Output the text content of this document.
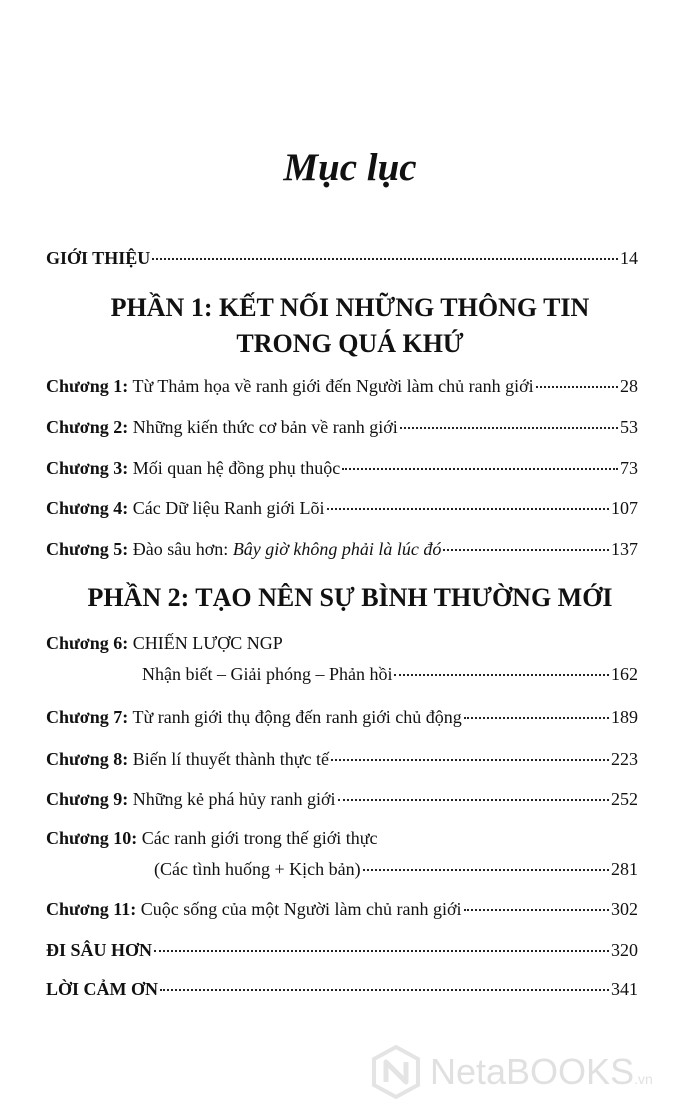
Mục lục
GIỚI THIỆU	14
PHẦN 1: KẾT NỐI NHỮNG THÔNG TIN
TRONG QUÁ KHỨ
Chương 1: Từ Thảm họa về ranh giới đến Người làm chủ ranh giới	28
Chương 2: Những kiến thức cơ bản về ranh giới	53
Chương 3: Mối quan hệ đồng phụ thuộc	73
Chương 4: Các Dữ liệu Ranh giới Lõi	107
Chương 5: Đào sâu hơn: Bây giờ không phải là lúc đó	137
PHẦN 2: TẠO NÊN SỰ BÌNH THƯỜNG MỚI
Chương 6: CHIẾN LƯỢC NGP
Nhận biết – Giải phóng – Phản hồi	162
Chương 7: Từ ranh giới thụ động đến ranh giới chủ động	189
Chương 8: Biến lí thuyết thành thực tế	223
Chương 9: Những kẻ phá hủy ranh giới	252
Chương 10: Các ranh giới trong thế giới thực
(Các tình huống + Kịch bản)	281
Chương 11: Cuộc sống của một Người làm chủ ranh giới	302
ĐI SÂU HƠN	320
LỜI CẢM ƠN	341
NetaBOOKS.vn
